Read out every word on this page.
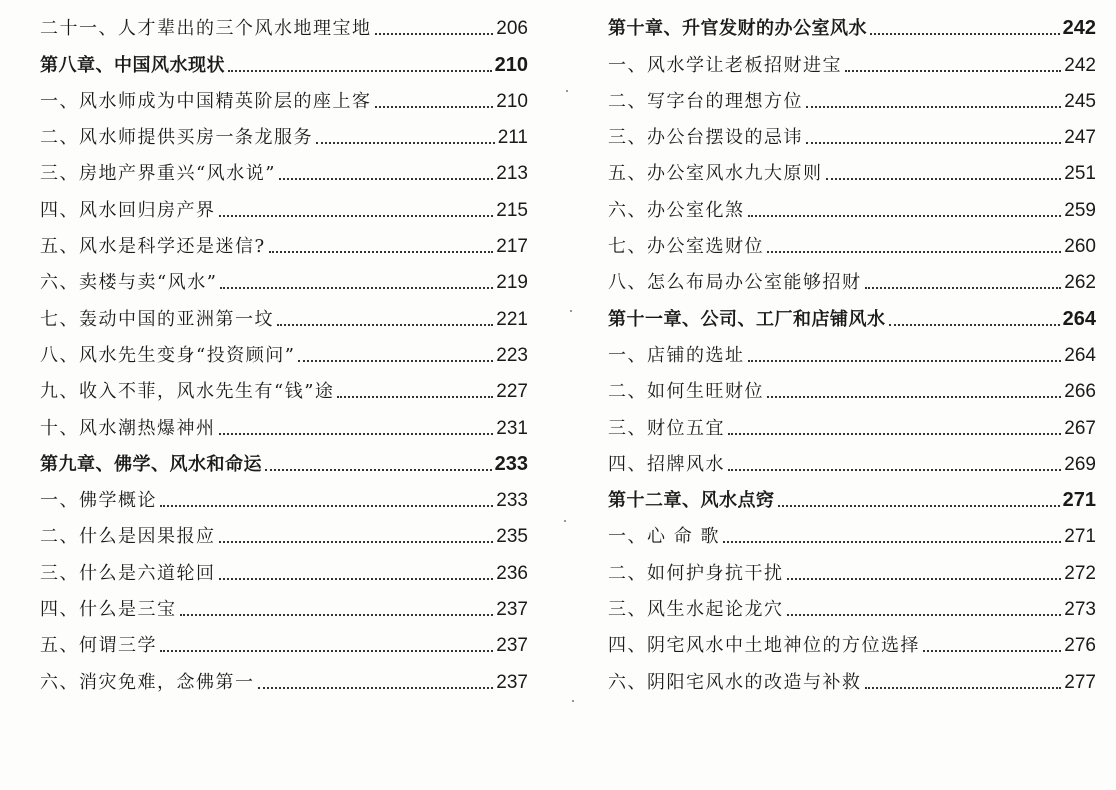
二十一、人才辈出的三个风水地理宝地	206
第八章、中国风水现状	210
一、风水师成为中国精英阶层的座上客	210
二、风水师提供买房一条龙服务	211
三、房地产界重兴“风水说”	213
四、风水回归房产界	215
五、风水是科学还是迷信?	217
六、卖楼与卖“风水”	219
七、轰动中国的亚洲第一坟	221
八、风水先生变身“投资顾问”	223
九、收入不菲，风水先生有“钱”途	227
十、风水潮热爆神州	231
第九章、佛学、风水和命运	233
一、佛学概论	233
二、什么是因果报应	235
三、什么是六道轮回	236
四、什么是三宝	237
五、何谓三学	237
六、消灾免难，念佛第一	237
第十章、升官发财的办公室风水	242
一、风水学让老板招财进宝	242
二、写字台的理想方位	245
三、办公台摆设的忌讳	247
五、办公室风水九大原则	251
六、办公室化煞	259
七、办公室选财位	260
八、怎么布局办公室能够招财	262
第十一章、公司、工厂和店铺风水	264
一、店铺的选址	264
二、如何生旺财位	266
三、财位五宜	267
四、招牌风水	269
第十二章、风水点窍	271
一、心 命 歌	271
二、如何护身抗干扰	272
三、风生水起论龙穴	273
四、阴宅风水中土地神位的方位选择	276
六、阴阳宅风水的改造与补救	277
